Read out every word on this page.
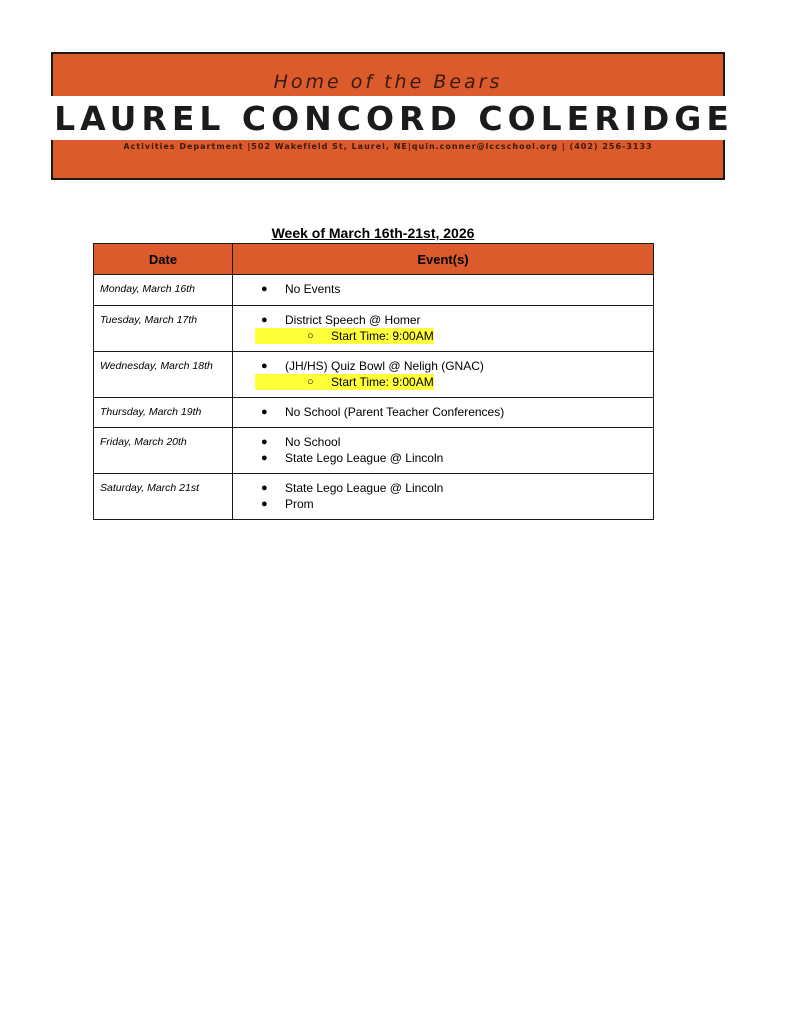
Home of the Bears
Activities Department |502 Wakefield St, Laurel, NE|quin.conner@lccschool.org | (402) 256-3133
LAUREL CONCORD COLERIDGE
Week of March 16th-21st, 2026
Date	Event(s)
Monday, March 16th	● No Events

Tuesday, March 17th	● District Speech @ Homer
○ Start Time: 9:00AM

Wednesday, March 18th	● (JH/HS) Quiz Bowl @ Neligh (GNAC)
○ Start Time: 9:00AM

Thursday, March 19th	● No School (Parent Teacher Conferences)

Friday, March 20th	● No School
● State Lego League @ Lincoln

Saturday, March 21st	● State Lego League @ Lincoln
● Prom
